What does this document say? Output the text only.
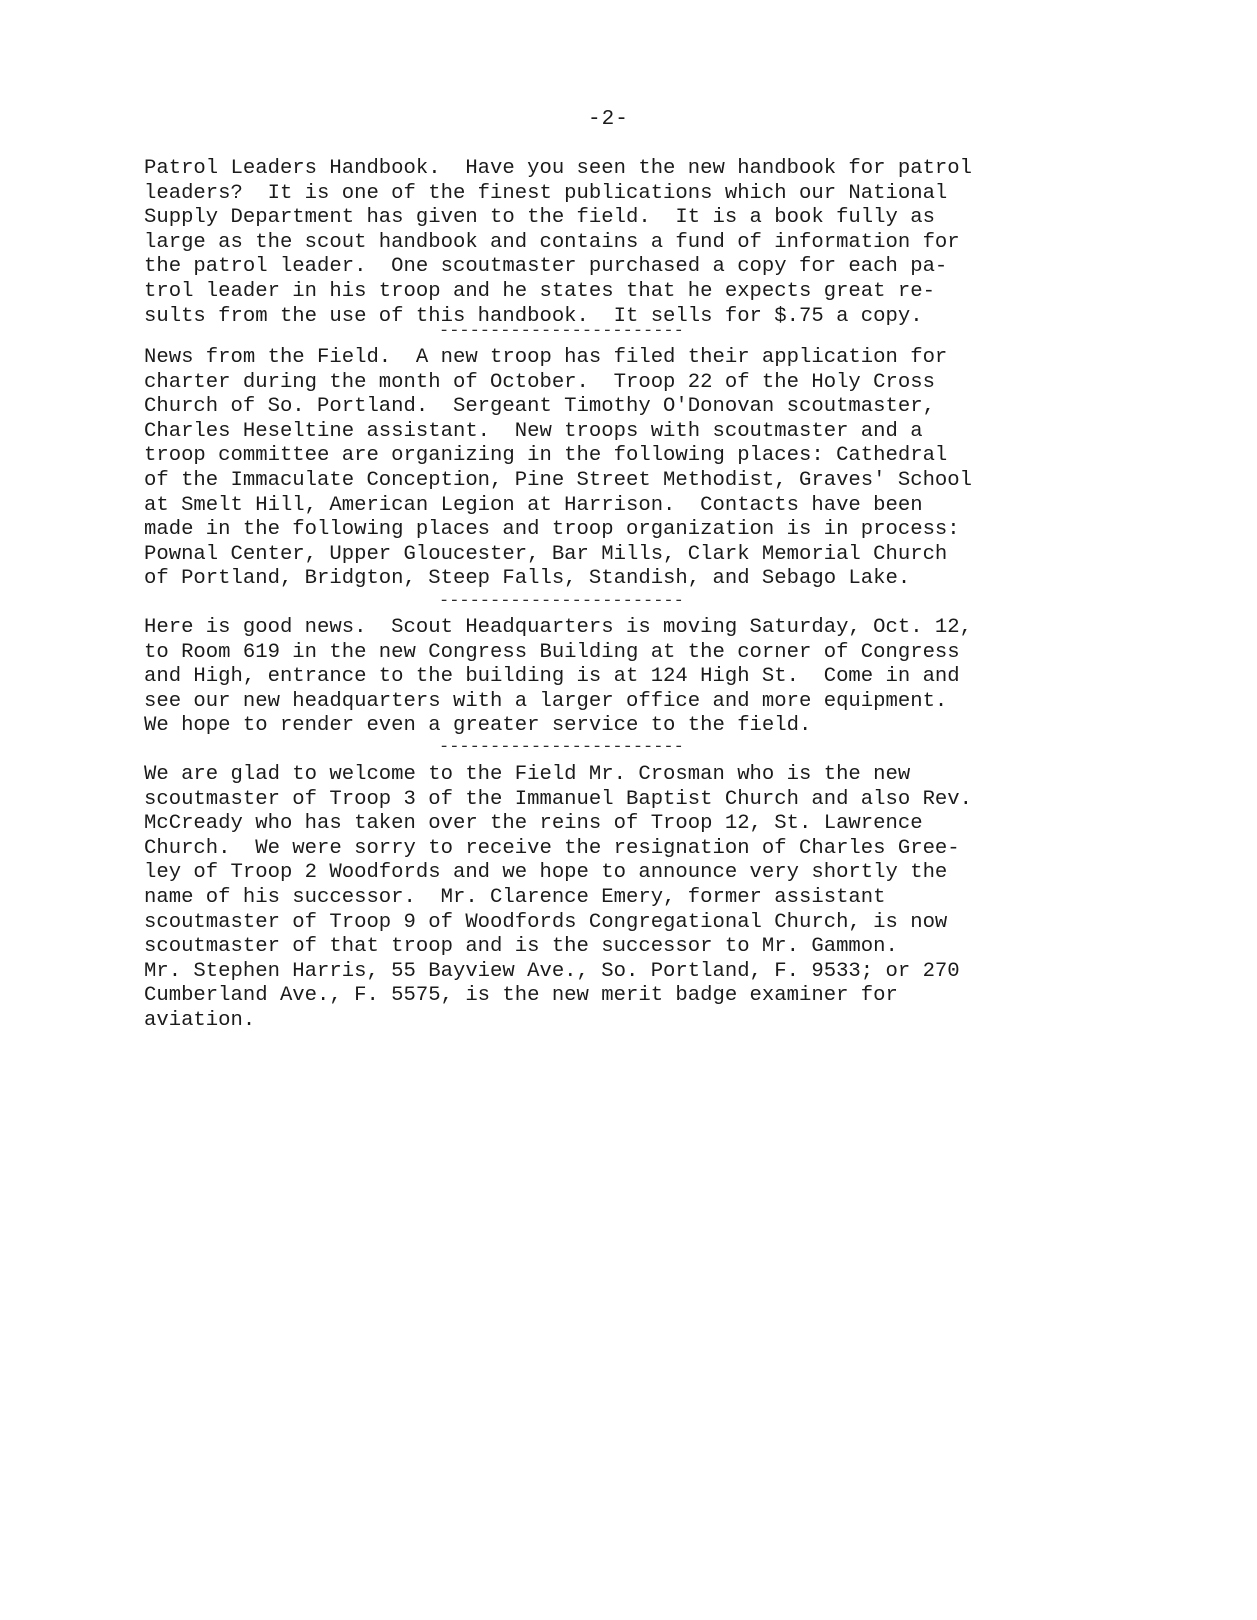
-2-
Patrol Leaders Handbook.  Have you seen the new handbook for patrol
leaders?  It is one of the finest publications which our National
Supply Department has given to the field.  It is a book fully as
large as the scout handbook and contains a fund of information for
the patrol leader.  One scoutmaster purchased a copy for each pa-
trol leader in his troop and he states that he expects great re-
sults from the use of this handbook.  It sells for $.75 a copy.
------------------------
News from the Field.  A new troop has filed their application for
charter during the month of October.  Troop 22 of the Holy Cross
Church of So. Portland.  Sergeant Timothy O'Donovan scoutmaster,
Charles Heseltine assistant.  New troops with scoutmaster and a
troop committee are organizing in the following places: Cathedral
of the Immaculate Conception, Pine Street Methodist, Graves' School
at Smelt Hill, American Legion at Harrison.  Contacts have been
made in the following places and troop organization is in process:
Pownal Center, Upper Gloucester, Bar Mills, Clark Memorial Church
of Portland, Bridgton, Steep Falls, Standish, and Sebago Lake.
------------------------
Here is good news.  Scout Headquarters is moving Saturday, Oct. 12,
to Room 619 in the new Congress Building at the corner of Congress
and High, entrance to the building is at 124 High St.  Come in and
see our new headquarters with a larger office and more equipment.
We hope to render even a greater service to the field.
------------------------
We are glad to welcome to the Field Mr. Crosman who is the new
scoutmaster of Troop 3 of the Immanuel Baptist Church and also Rev.
McCready who has taken over the reins of Troop 12, St. Lawrence
Church.  We were sorry to receive the resignation of Charles Gree-
ley of Troop 2 Woodfords and we hope to announce very shortly the
name of his successor.  Mr. Clarence Emery, former assistant
scoutmaster of Troop 9 of Woodfords Congregational Church, is now
scoutmaster of that troop and is the successor to Mr. Gammon.
Mr. Stephen Harris, 55 Bayview Ave., So. Portland, F. 9533; or 270
Cumberland Ave., F. 5575, is the new merit badge examiner for
aviation.
